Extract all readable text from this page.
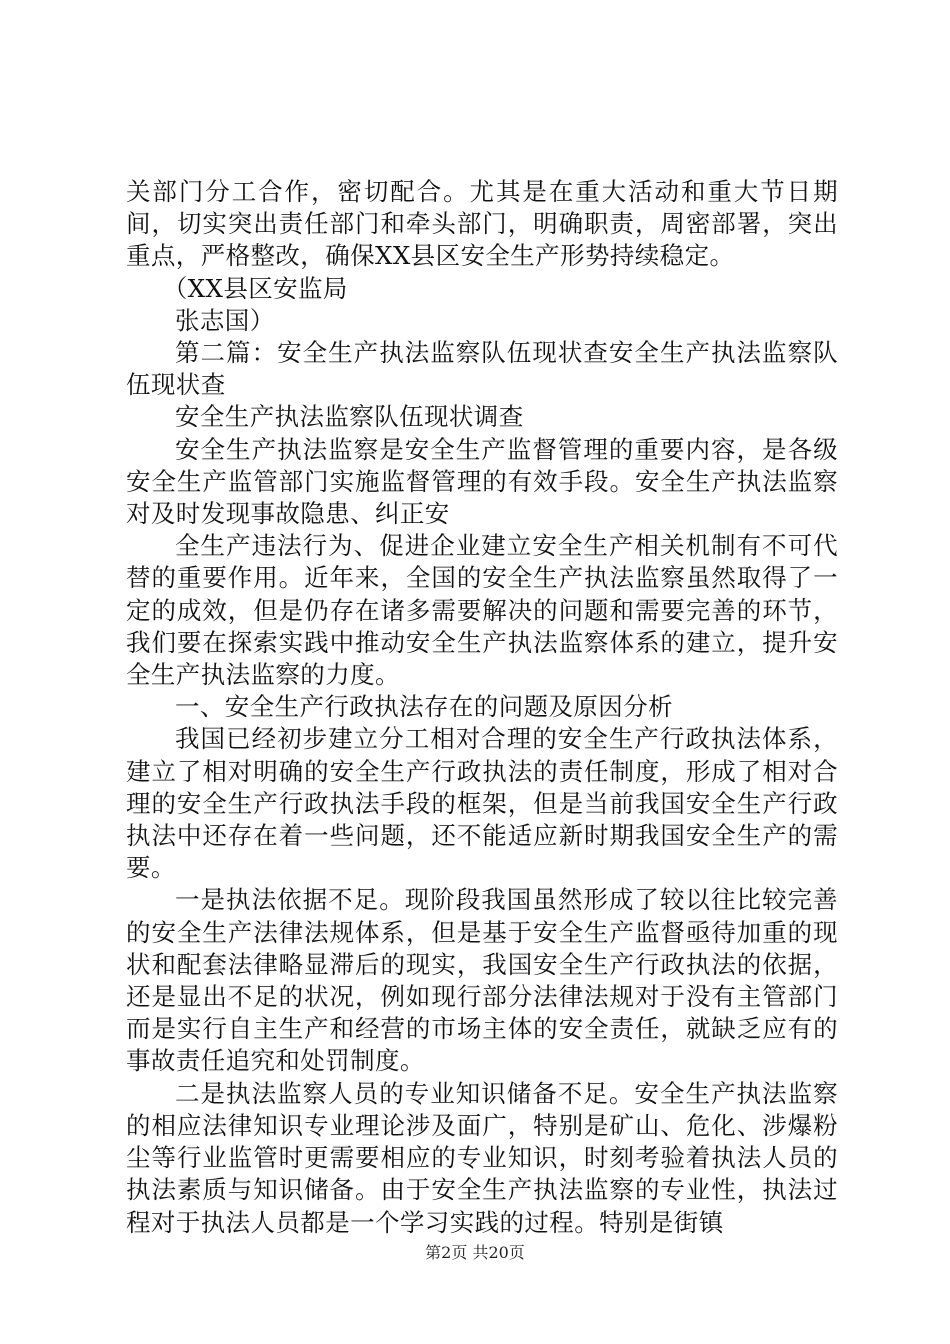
关部门分工合作，密切配合。尤其是在重大活动和重大节日期间，切实突出责任部门和牵头部门，明确职责，周密部署，突出重点，严格整改，确保XX县区安全生产形势持续稳定。

（XX县区安监局

张志国）

第二篇：安全生产执法监察队伍现状查安全生产执法监察队伍现状查

安全生产执法监察队伍现状调查

安全生产执法监察是安全生产监督管理的重要内容，是各级安全生产监管部门实施监督管理的有效手段。安全生产执法监察对及时发现事故隐患、纠正安

全生产违法行为、促进企业建立安全生产相关机制有不可代替的重要作用。近年来，全国的安全生产执法监察虽然取得了一定的成效，但是仍存在诸多需要解决的问题和需要完善的环节，我们要在探索实践中推动安全生产执法监察体系的建立，提升安全生产执法监察的力度。

一、安全生产行政执法存在的问题及原因分析

我国已经初步建立分工相对合理的安全生产行政执法体系，建立了相对明确的安全生产行政执法的责任制度，形成了相对合理的安全生产行政执法手段的框架，但是当前我国安全生产行政执法中还存在着一些问题，还不能适应新时期我国安全生产的需要。

一是执法依据不足。现阶段我国虽然形成了较以往比较完善的安全生产法律法规体系，但是基于安全生产监督亟待加重的现状和配套法律略显滞后的现实，我国安全生产行政执法的依据，还是显出不足的状况，例如现行部分法律法规对于没有主管部门而是实行自主生产和经营的市场主体的安全责任，就缺乏应有的事故责任追究和处罚制度。

二是执法监察人员的专业知识储备不足。安全生产执法监察的相应法律知识专业理论涉及面广，特别是矿山、危化、涉爆粉尘等行业监管时更需要相应的专业知识，时刻考验着执法人员的执法素质与知识储备。由于安全生产执法监察的专业性，执法过程对于执法人员都是一个学习实践的过程。特别是街镇

第2页 共20页
